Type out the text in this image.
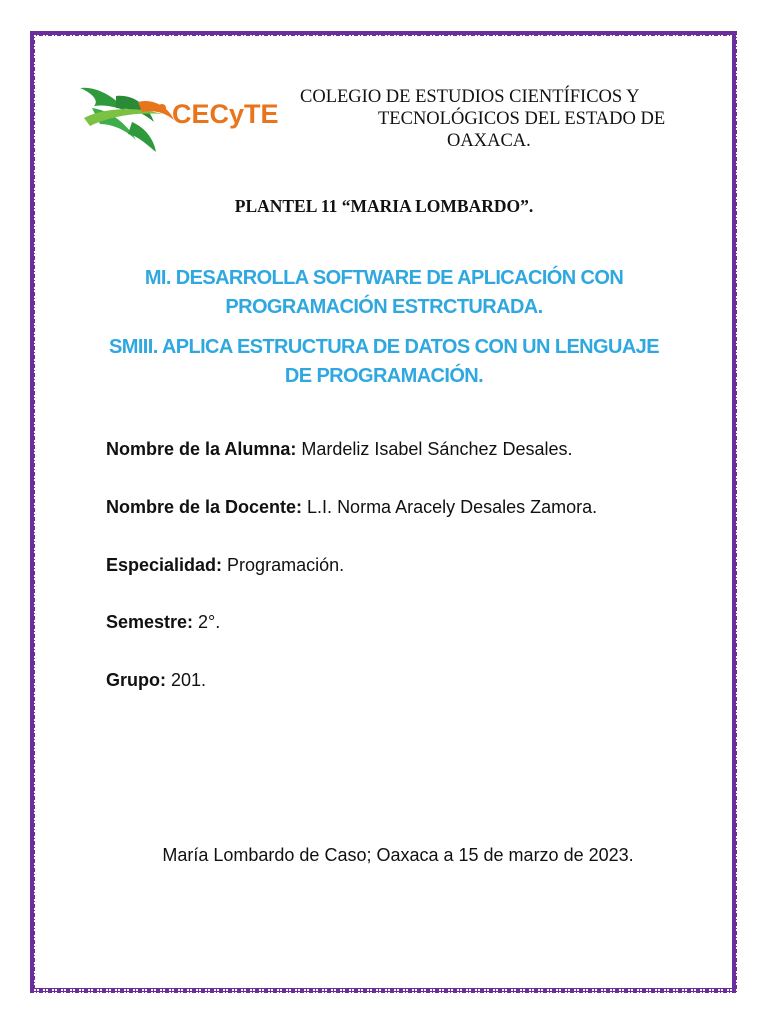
CECyTE
COLEGIO DE ESTUDIOS CIENTÍFICOS Y
TECNOLÓGICOS DEL ESTADO DE
OAXACA.
PLANTEL 11 “MARIA LOMBARDO”.
MI. DESARROLLA SOFTWARE DE APLICACIÓN CON
PROGRAMACIÓN ESTRCTURADA.
SMIII. APLICA ESTRUCTURA DE DATOS CON UN LENGUAJE
DE PROGRAMACIÓN.
Nombre de la Alumna: Mardeliz Isabel Sánchez Desales.
Nombre de la Docente: L.I. Norma Aracely Desales Zamora.
Especialidad: Programación.
Semestre: 2°.
Grupo: 201.
María Lombardo de Caso; Oaxaca a 15 de marzo de 2023.
